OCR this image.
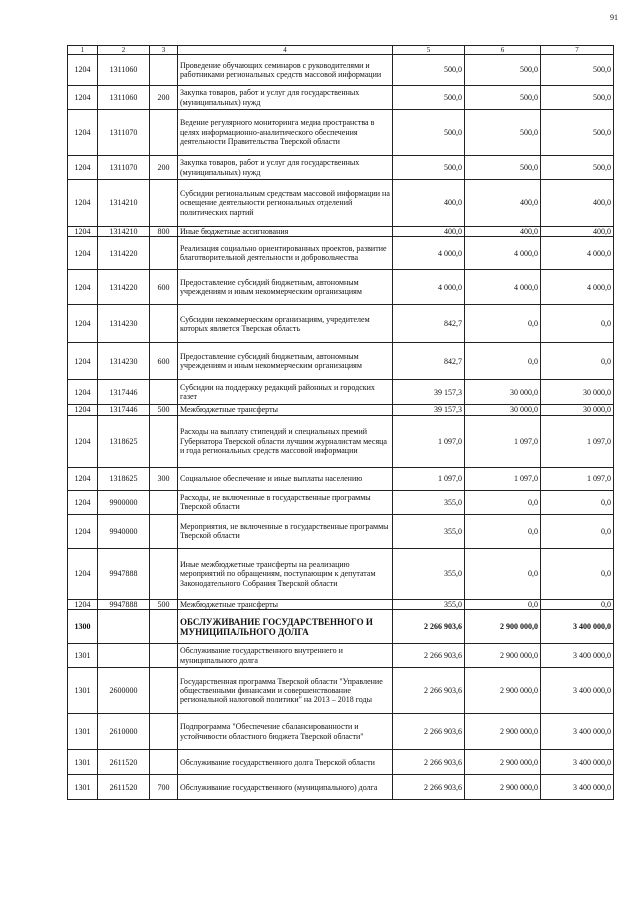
91
1	2	3	4	5	6	7
1204	1311060		Проведение обучающих семинаров с руководителями и работниками региональных средств массовой информации	500,0	500,0	500,0
1204	1311060	200	Закупка товаров, работ и услуг для государственных (муниципальных) нужд	500,0	500,0	500,0
1204	1311070		Ведение регулярного мониторинга медиа пространства в целях информационно-аналитического обеспечения деятельности Правительства Тверской области	500,0	500,0	500,0
1204	1311070	200	Закупка товаров, работ и услуг для государственных (муниципальных) нужд	500,0	500,0	500,0
1204	1314210		Субсидии региональным средствам массовой информации на освещение деятельности региональных отделений политических партий	400,0	400,0	400,0
1204	1314210	800	Иные бюджетные ассигнования	400,0	400,0	400,0
1204	1314220		Реализация социально ориентированных проектов, развитие благотворительной деятельности и добровольчества	4 000,0	4 000,0	4 000,0
1204	1314220	600	Предоставление субсидий бюджетным, автономным учреждениям и иным некоммерческим организациям	4 000,0	4 000,0	4 000,0
1204	1314230		Субсидии некоммерческим организациям, учредителем которых является Тверская область	842,7	0,0	0,0
1204	1314230	600	Предоставление субсидий бюджетным, автономным учреждениям и иным некоммерческим организациям	842,7	0,0	0,0
1204	1317446		Субсидии на поддержку редакций районных и городских газет	39 157,3	30 000,0	30 000,0
1204	1317446	500	Межбюджетные трансферты	39 157,3	30 000,0	30 000,0
1204	1318625		Расходы на выплату стипендий и специальных премий Губернатора Тверской области лучшим журналистам месяца и года региональных средств массовой информации	1 097,0	1 097,0	1 097,0
1204	1318625	300	Социальное обеспечение и иные выплаты населению	1 097,0	1 097,0	1 097,0
1204	9900000		Расходы, не включенные в государственные программы Тверской области	355,0	0,0	0,0
1204	9940000		Мероприятия, не включенные в государственные программы Тверской области	355,0	0,0	0,0
1204	9947888		Иные межбюджетные трансферты на реализацию мероприятий по обращениям, поступающим к депутатам Законодательного Собрания Тверской области	355,0	0,0	0,0
1204	9947888	500	Межбюджетные трансферты	355,0	0,0	0,0
1300			ОБСЛУЖИВАНИЕ ГОСУДАРСТВЕННОГО И МУНИЦИПАЛЬНОГО ДОЛГА	2 266 903,6	2 900 000,0	3 400 000,0
1301			Обслуживание государственного внутреннего и муниципального долга	2 266 903,6	2 900 000,0	3 400 000,0
1301	2600000		Государственная программа Тверской области "Управление общественными финансами и совершенствование региональной налоговой политики" на 2013 – 2018 годы	2 266 903,6	2 900 000,0	3 400 000,0
1301	2610000		Подпрограмма "Обеспечение сбалансированности и устойчивости областного бюджета Тверской области"	2 266 903,6	2 900 000,0	3 400 000,0
1301	2611520		Обслуживание государственного долга Тверской области	2 266 903,6	2 900 000,0	3 400 000,0
1301	2611520	700	Обслуживание государственного (муниципального) долга	2 266 903,6	2 900 000,0	3 400 000,0
